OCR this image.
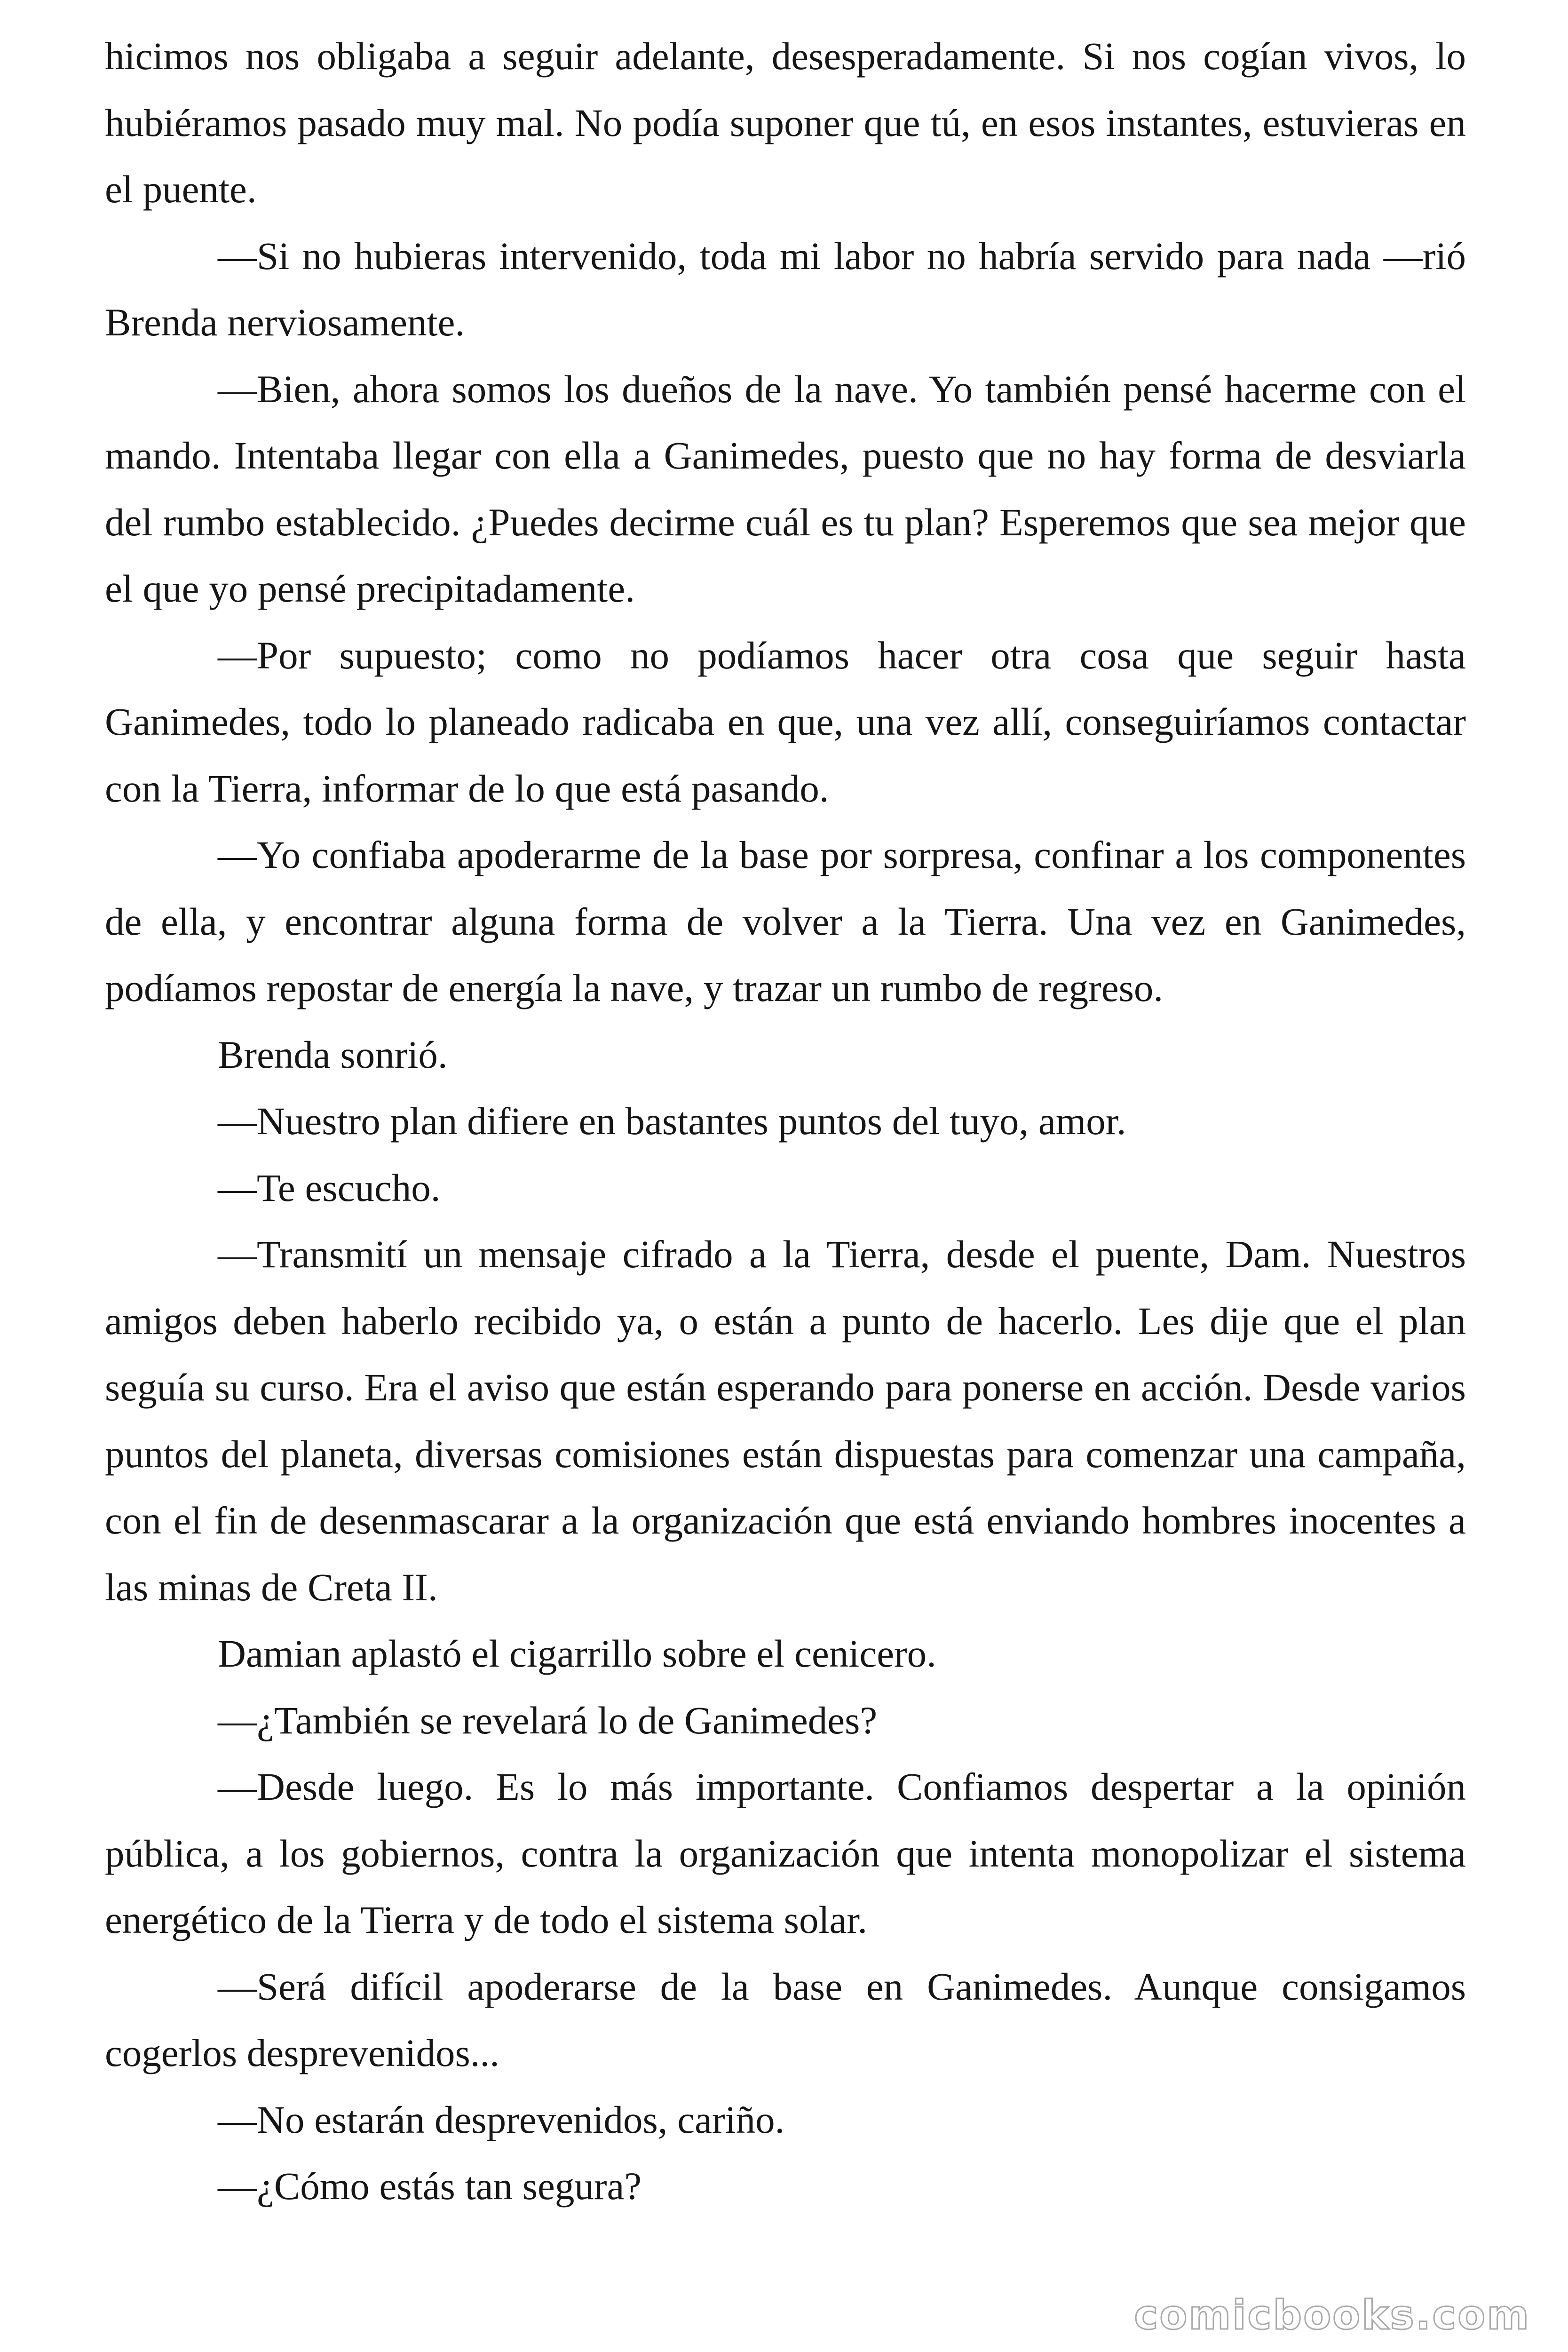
hicimos nos obligaba a seguir adelante, desesperadamente. Si nos cogían vivos, lo hubiéramos pasado muy mal. No podía suponer que tú, en esos instantes, estuvieras en el puente.

—Si no hubieras intervenido, toda mi labor no habría servido para nada —rió Brenda nerviosamente.

—Bien, ahora somos los dueños de la nave. Yo también pensé hacerme con el mando. Intentaba llegar con ella a Ganimedes, puesto que no hay forma de desviarla del rumbo establecido. ¿Puedes decirme cuál es tu plan? Esperemos que sea mejor que el que yo pensé precipitadamente.

—Por supuesto; como no podíamos hacer otra cosa que seguir hasta Ganimedes, todo lo planeado radicaba en que, una vez allí, conseguiríamos contactar con la Tierra, informar de lo que está pasando.

—Yo confiaba apoderarme de la base por sorpresa, confinar a los componentes de ella, y encontrar alguna forma de volver a la Tierra. Una vez en Ganimedes, podíamos repostar de energía la nave, y trazar un rumbo de regreso.

Brenda sonrió.

—Nuestro plan difiere en bastantes puntos del tuyo, amor.

—Te escucho.

—Transmití un mensaje cifrado a la Tierra, desde el puente, Dam. Nuestros amigos deben haberlo recibido ya, o están a punto de hacerlo. Les dije que el plan seguía su curso. Era el aviso que están esperando para ponerse en acción. Desde varios puntos del planeta, diversas comisiones están dispuestas para comenzar una campaña, con el fin de desenmascarar a la organización que está enviando hombres inocentes a las minas de Creta II.

Damian aplastó el cigarrillo sobre el cenicero.

—¿También se revelará lo de Ganimedes?

—Desde luego. Es lo más importante. Confiamos despertar a la opinión pública, a los gobiernos, contra la organización que intenta monopolizar el sistema energético de la Tierra y de todo el sistema solar.

—Será difícil apoderarse de la base en Ganimedes. Aunque consigamos cogerlos desprevenidos...

—No estarán desprevenidos, cariño.

—¿Cómo estás tan segura?

comicbooks.com
